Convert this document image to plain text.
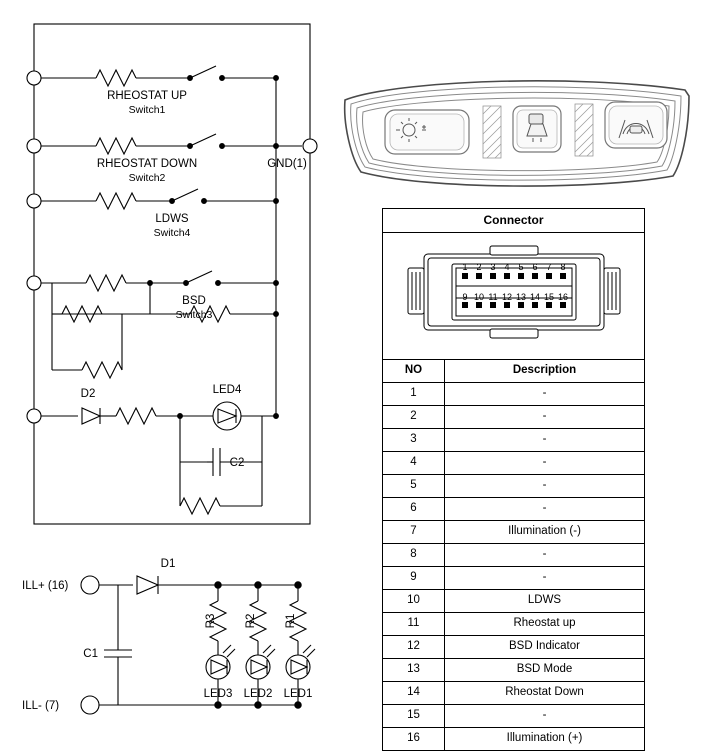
RHEOSTAT UP
Switch1
RHEOSTAT DOWN
Switch2
GND(1)
LDWS
Switch4
BSD
Switch3
D2	LED4
C2
ILL+ (16)
ILL- (7)
D1
C1
R3 R2 R1
LED3 LED2 LED1
Connector	

1 2 3 4 5 6 7 8
9 10 11 12 13 14 15 16

NO	Description
1	-
2	-
3	-
4	-
5	-
6	-
7	Illumination (-)
8	-
9	-
10	LDWS
11	Rheostat up
12	BSD Indicator
13	BSD Mode
14	Rheostat Down
15	-
16	Illumination (+)
